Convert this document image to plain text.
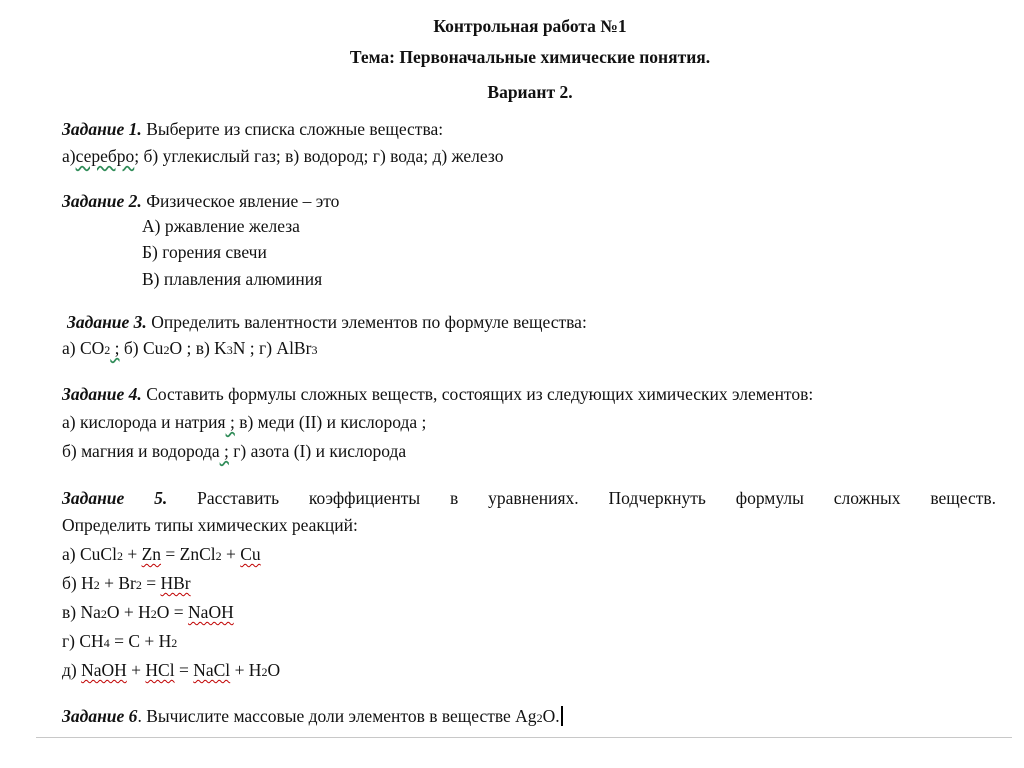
Контрольная работа №1
Тема: Первоначальные химические понятия.
Вариант 2.
Задание 1. Выберите из списка сложные вещества:
а)серебро; б) углекислый газ; в) водород; г) вода; д) железо
Задание 2. Физическое явление – это
А) ржавление железа
Б) горения свечи
В) плавления алюминия
Задание 3. Определить валентности элементов по формуле вещества:
а) CO2 ; б) Cu2O ; в) K3N ; г) AlBr3
Задание 4. Составить формулы сложных веществ, состоящих из следующих химических элементов:
а) кислорода и натрия ; в) меди (II) и кислорода ;
б) магния и водорода ; г) азота (I) и кислорода
Задание 5. Расставить коэффициенты в уравнениях. Подчеркнуть формулы сложных веществ.
Определить типы химических реакций:
а) CuCl2 + Zn = ZnCl2 + Cu
б) H2 + Br2 = HBr
в) Na2O + H2O = NaOH
г) CH4 = C + H2
д) NaOH + HCl = NaCl + H2O
Задание 6. Вычислите массовые доли элементов в веществе Ag2O.
